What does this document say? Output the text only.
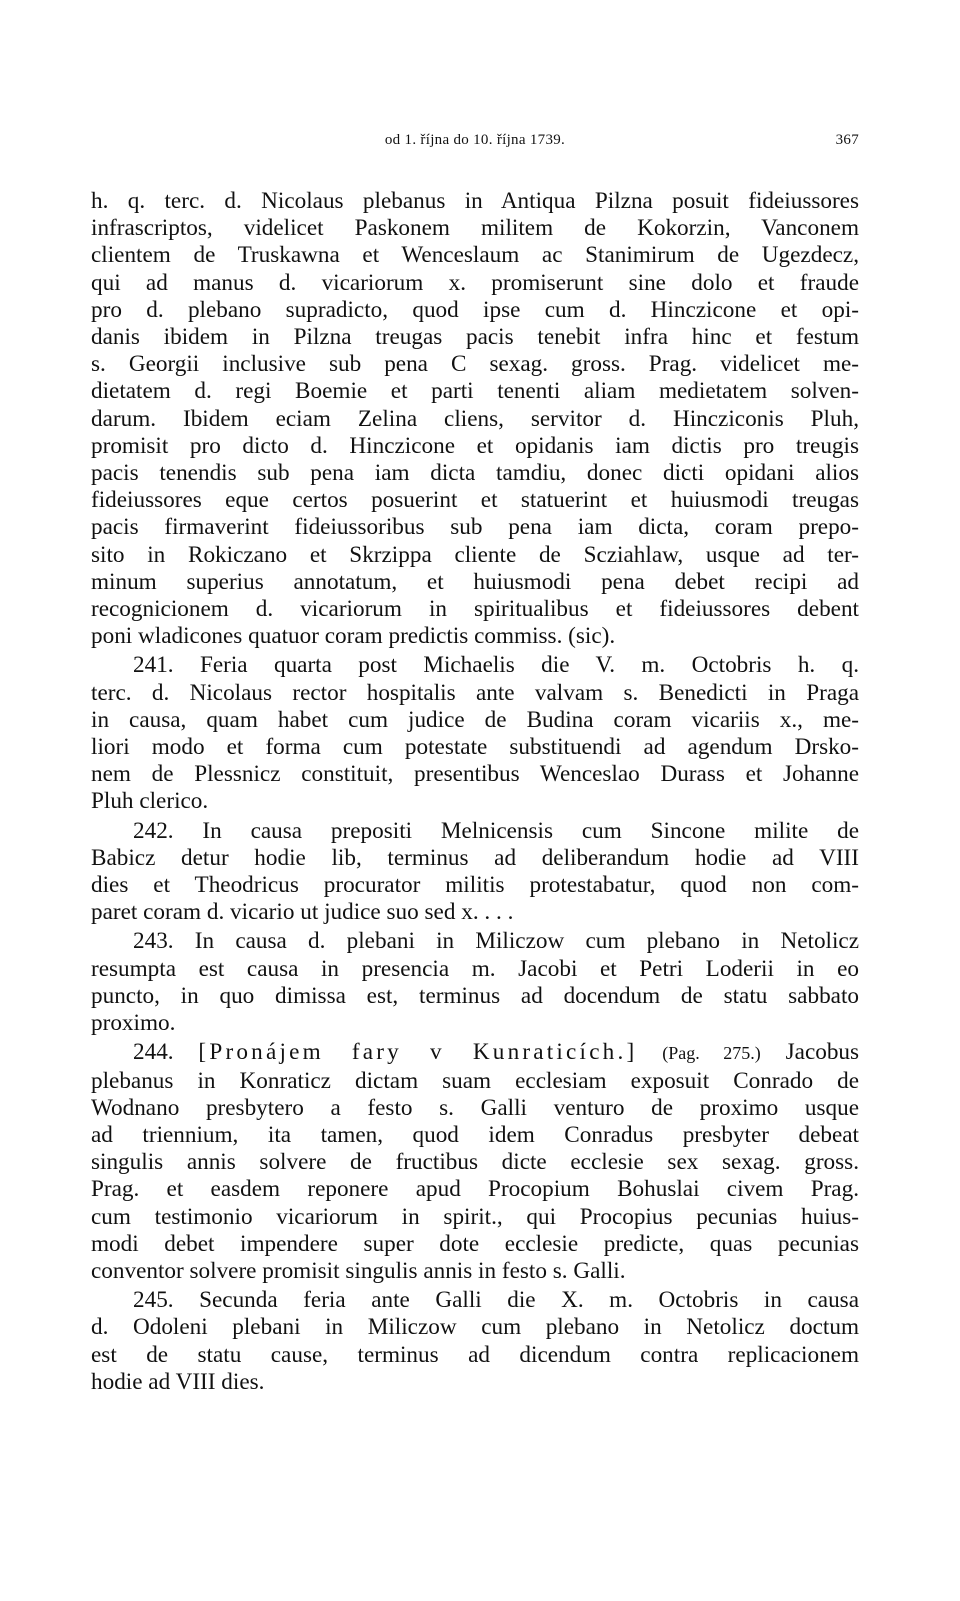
od 1. října do 10. října 1739.	367

h. q. terc. d. Nicolaus plebanus in Antiqua Pilzna posuit fideiussores
infrascriptos, videlicet Paskonem militem de Kokorzin, Vanconem
clientem de Truskawna et Wenceslaum ac Stanimirum de Ugezdecz,
qui ad manus d. vicariorum x. promiserunt sine dolo et fraude
pro d. plebano supradicto, quod ipse cum d. Hinczicone et opi-
danis ibidem in Pilzna treugas pacis tenebit infra hinc et festum
s. Georgii inclusive sub pena C sexag. gross. Prag. videlicet me-
dietatem d. regi Boemie et parti tenenti aliam medietatem solven-
darum. Ibidem eciam Zelina cliens, servitor d. Hincziconis Pluh,
promisit pro dicto d. Hinczicone et opidanis iam dictis pro treugis
pacis tenendis sub pena iam dicta tamdiu, donec dicti opidani alios
fideiussores eque certos posuerint et statuerint et huiusmodi treugas
pacis firmaverint fideiussoribus sub pena iam dicta, coram prepo-
sito in Rokiczano et Skrzippa cliente de Scziahlaw, usque ad ter-
minum superius annotatum, et huiusmodi pena debet recipi ad
recognicionem d. vicariorum in spiritualibus et fideiussores debent
poni wladicones quatuor coram predictis commiss. (sic).

241. Feria quarta post Michaelis die V. m. Octobris h. q.
terc. d. Nicolaus rector hospitalis ante valvam s. Benedicti in Praga
in causa, quam habet cum judice de Budina coram vicariis x., me-
liori modo et forma cum potestate substituendi ad agendum Drsko-
nem de Plessnicz constituit, presentibus Wenceslao Durass et Johanne
Pluh clerico.

242. In causa prepositi Melnicensis cum Sincone milite de
Babicz detur hodie lib, terminus ad deliberandum hodie ad VIII
dies et Theodricus procurator militis protestabatur, quod non com-
paret coram d. vicario ut judice suo sed x. . . .

243. In causa d. plebani in Miliczow cum plebano in Netolicz
resumpta est causa in presencia m. Jacobi et Petri Loderii in eo
puncto, in quo dimissa est, terminus ad docendum de statu sabbato
proximo.

244. [Pronájem fary v Kunraticích.] (Pag. 275.) Jacobus
plebanus in Konraticz dictam suam ecclesiam exposuit Conrado de
Wodnano presbytero a festo s. Galli venturo de proximo usque
ad triennium, ita tamen, quod idem Conradus presbyter debeat
singulis annis solvere de fructibus dicte ecclesie sex sexag. gross.
Prag. et easdem reponere apud Procopium Bohuslai civem Prag.
cum testimonio vicariorum in spirit., qui Procopius pecunias huius-
modi debet impendere super dote ecclesie predicte, quas pecunias
conventor solvere promisit singulis annis in festo s. Galli.

245. Secunda feria ante Galli die X. m. Octobris in causa
d. Odoleni plebani in Miliczow cum plebano in Netolicz doctum
est de statu cause, terminus ad dicendum contra replicacionem
hodie ad VIII dies.
